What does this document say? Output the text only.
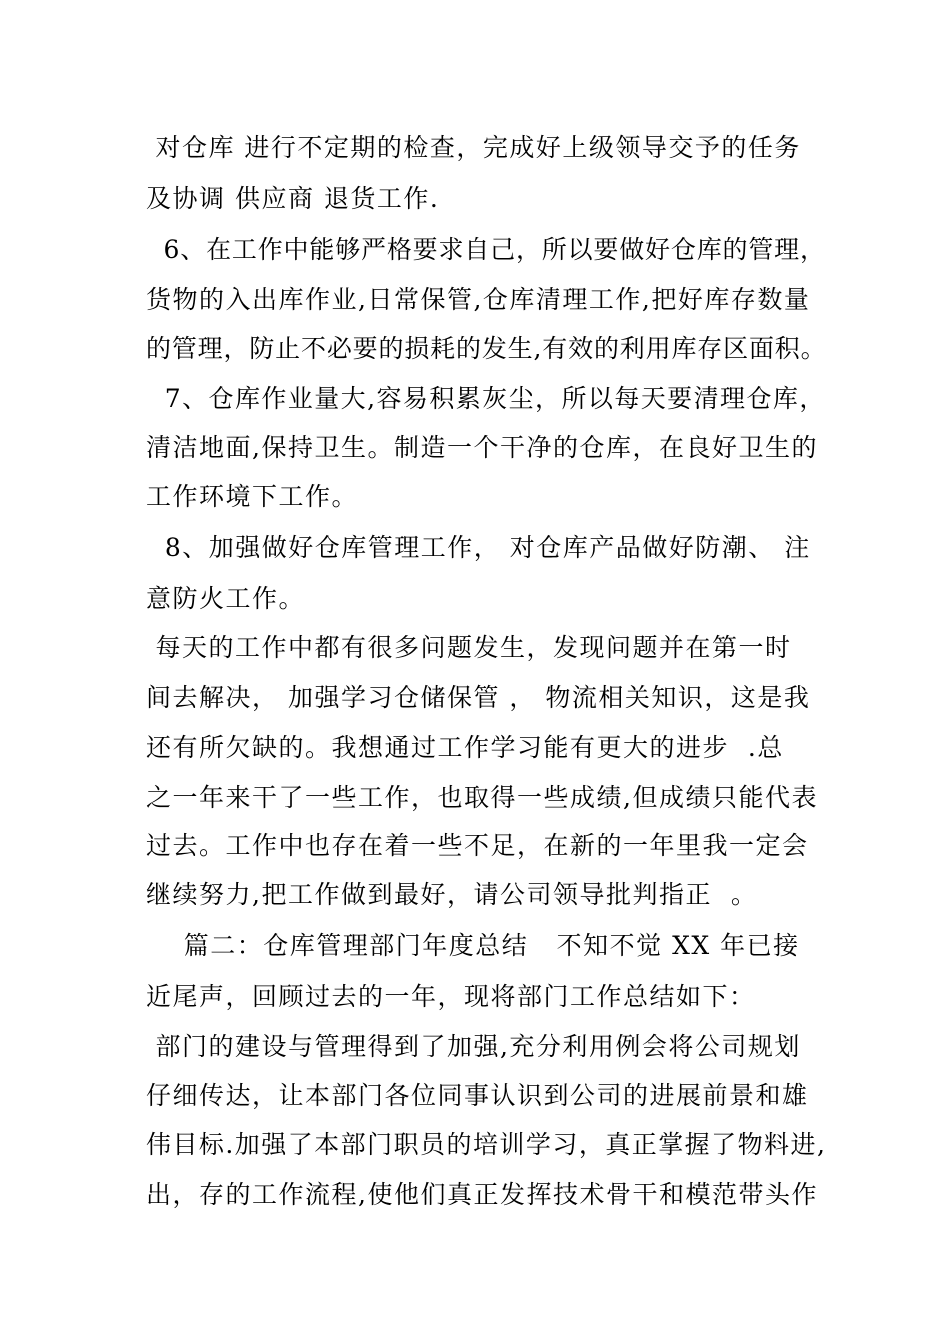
对仓库 进行不定期的检查，完成好上级领导交予的任务
及协调 供应商 退货工作.
6、在工作中能够严格要求自己，所以要做好仓库的管理，
货物的入出库作业,日常保管,仓库清理工作,把好库存数量
的管理，防止不必要的损耗的发生,有效的利用库存区面积。
7、仓库作业量大,容易积累灰尘，所以每天要清理仓库，
清洁地面,保持卫生。制造一个干净的仓库，在良好卫生的
工作环境下工作。
8、加强做好仓库管理工作， 对仓库产品做好防潮、 注
意防火工作。
每天的工作中都有很多问题发生，发现问题并在第一时
间去解决， 加强学习仓储保管 ， 物流相关知识，这是我
还有所欠缺的。我想通过工作学习能有更大的进步  .总
之一年来干了一些工作，也取得一些成绩,但成绩只能代表
过去。工作中也存在着一些不足，在新的一年里我一定会
继续努力,把工作做到最好，请公司领导批判指正  。
篇二：仓库管理部门年度总结   不知不觉 XX 年已接
近尾声，回顾过去的一年，现将部门工作总结如下：
部门的建设与管理得到了加强,充分利用例会将公司规划
仔细传达，让本部门各位同事认识到公司的进展前景和雄
伟目标.加强了本部门职员的培训学习，真正掌握了物料进,
出，存的工作流程,使他们真正发挥技术骨干和模范带头作
